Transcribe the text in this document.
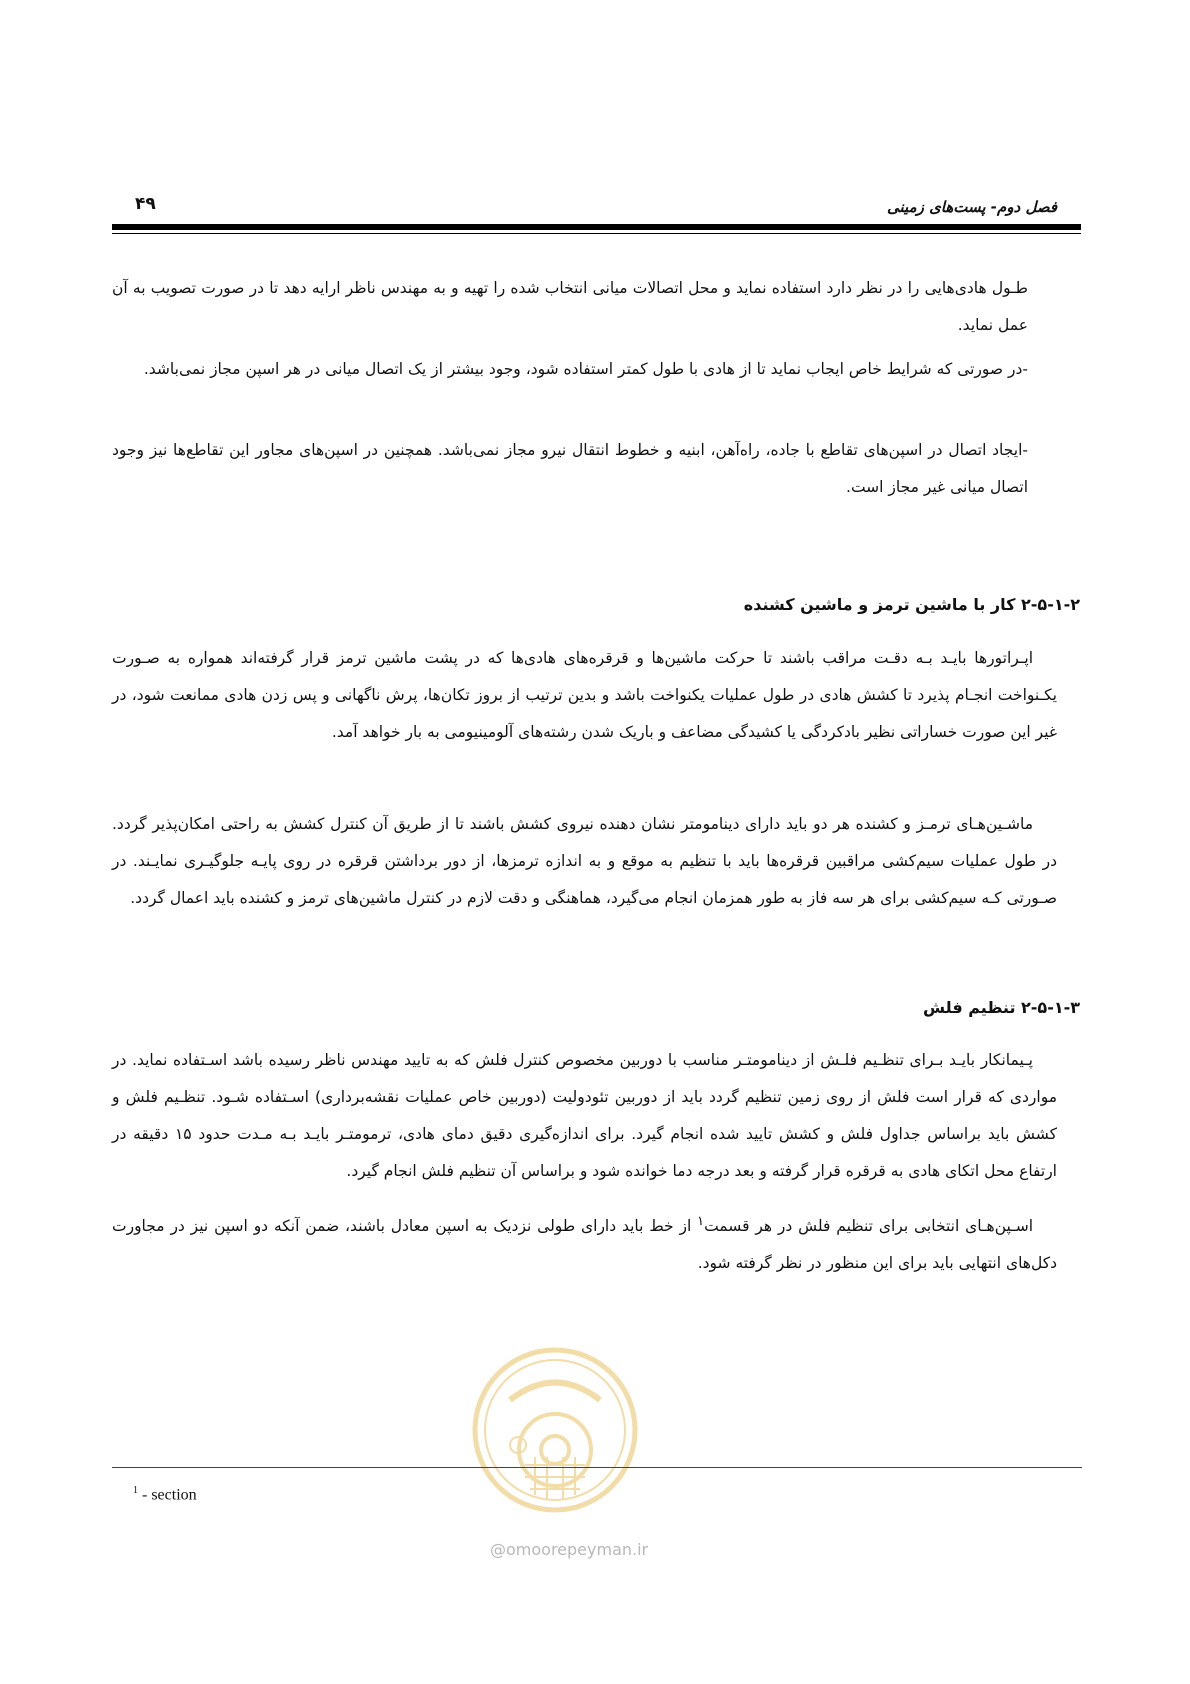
فصل دوم- پست‌های زمینی
۴۹

طـول هادی‌هایی را در نظر دارد استفاده نماید و محل اتصالات میانی انتخاب شده را تهیه و به مهندس ناظر ارایه دهد تا در صورت تصویب به آن عمل نماید.

-در صورتی که شرایط خاص ایجاب نماید تا از هادی با طول کمتر استفاده شود، وجود بیشتر از یک اتصال میانی در هر اسپن مجاز نمی‌باشد.

-ایجاد اتصال در اسپن‌های تقاطع با جاده، راه‌آهن، ابنیه و خطوط انتقال نیرو مجاز نمی‌باشد. همچنین در اسپن‌های مجاور این تقاطع‌ها نیز وجود اتصال میانی غیر مجاز است.

۲-۵-۱-۲ کار با ماشین ترمز و ماشین کشنده

اپـراتورها بایـد بـه دقـت مراقب باشند تا حرکت ماشین‌ها و قرقره‌های هادی‌ها که در پشت ماشین ترمز قرار گرفته‌اند همواره به صـورت یکـنواخت انجـام پذیرد تا کشش هادی در طول عملیات یکنواخت باشد و بدین ترتیب از بروز تکان‌ها، پرش ناگهانی و پس زدن هادی ممانعت شود، در غیر این صورت خساراتی نظیر بادکردگی یا کشیدگی مضاعف و باریک شدن رشته‌های آلومینیومی به بار خواهد آمد.

ماشـین‌هـای ترمـز و کشنده هر دو باید دارای دینامومتر نشان دهنده نیروی کشش باشند تا از طریق آن کنترل کشش به راحتی امکان‌پذیر گردد. در طول عملیات سیم‌کشی مراقبین قرقره‌ها باید با تنظیم به موقع و به اندازه ترمزها، از دور برداشتن قرقره در روی پایـه جلوگیـری نمایـند. در صـورتی کـه سیم‌کشی برای هر سه فاز به طور همزمان انجام می‌گیرد، هماهنگی و دقت لازم در کنترل ماشین‌های ترمز و کشنده باید اعمال گردد.

۲-۵-۱-۳ تنظیم فلش

پـیمانکار بایـد بـرای تنظـیم فلـش از دینامومتـر مناسب با دوربین مخصوص کنترل فلش که به تایید مهندس ناظر رسیده باشد اسـتفاده نماید. در مواردی که قرار است فلش از روی زمین تنظیم گردد باید از دوربین تئودولیت (دوربین خاص عملیات نقشه‌برداری) اسـتفاده شـود. تنظـیم فلش و کشش باید براساس جداول فلش و کشش تایید شده انجام گیرد. برای اندازه‌گیری دقیق دمای هادی، ترمومتـر بایـد بـه مـدت حدود ۱۵ دقیقه در ارتفاع محل اتکای هادی به قرقره قرار گرفته و بعد درجه دما خوانده شود و براساس آن تنظیم فلش انجام گیرد.

اسـپن‌هـای انتخابی برای تنظیم فلش در هر قسمت$^۱$ از خط باید دارای طولی نزدیک به اسپن معادل باشند، ضمن آنکه دو اسپن نیز در مجاورت دکل‌های انتهایی باید برای این منظور در نظر گرفته شود.

$^1$ - section
@omoorepeyman.ir
